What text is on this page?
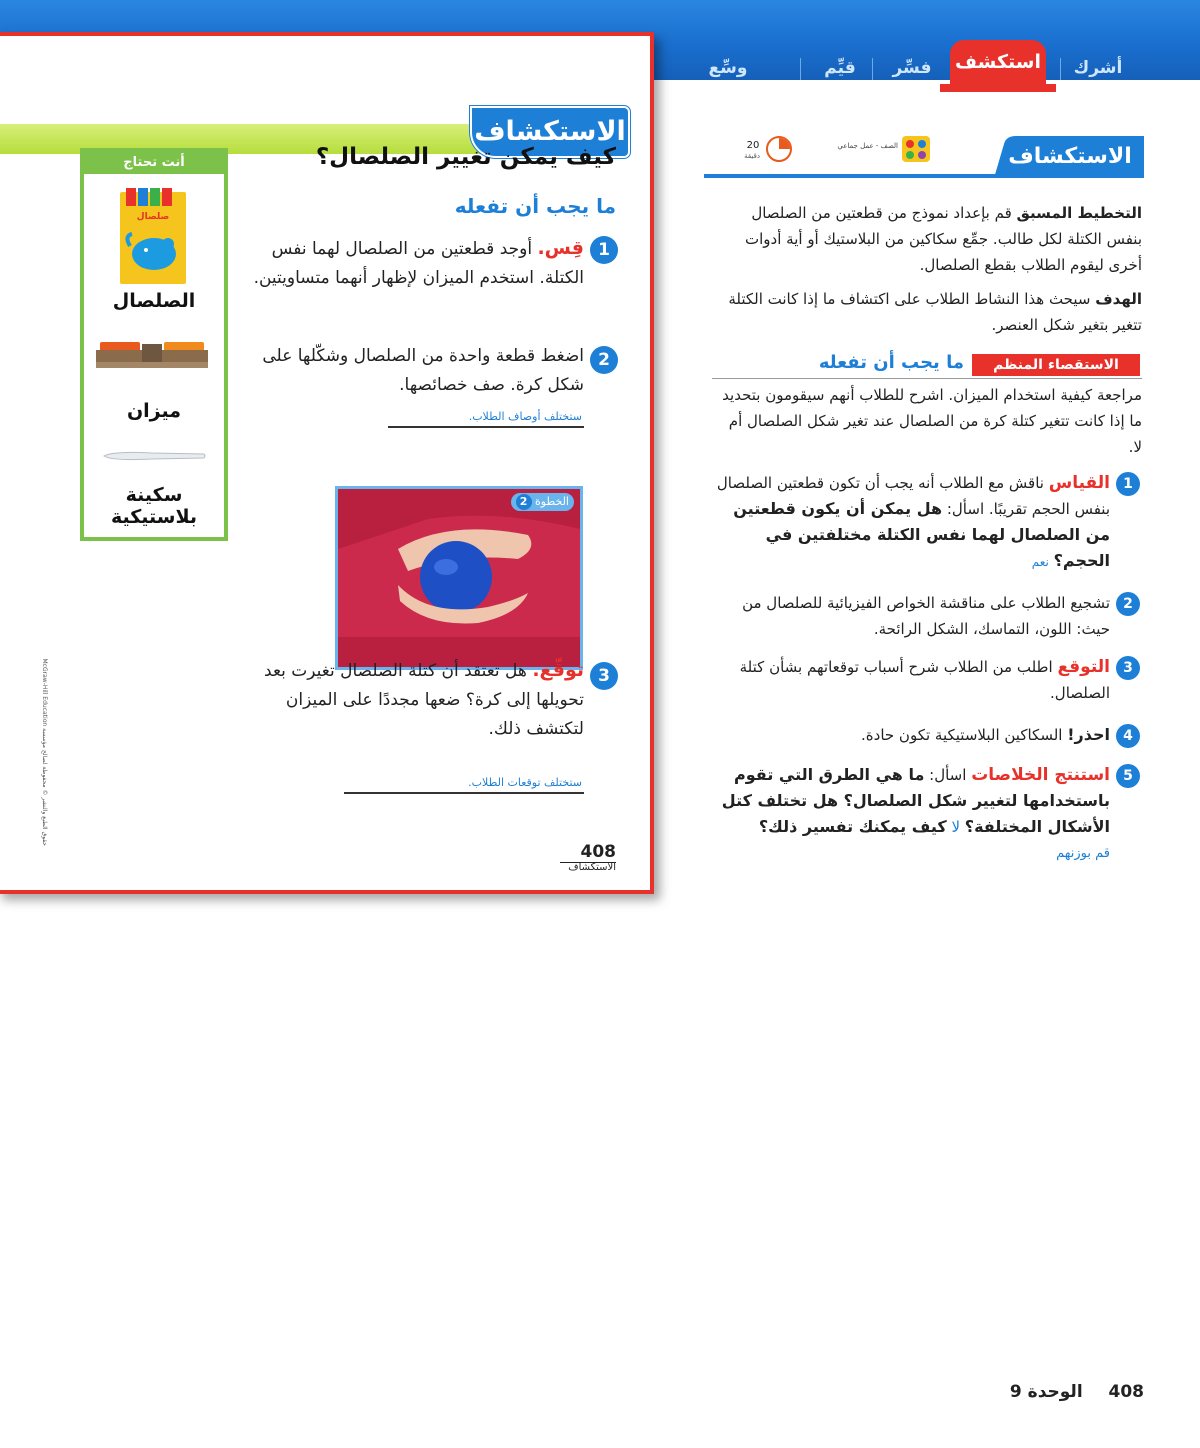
أشرك
استكشف
فسِّر
قيِّم
وسِّع
الاستكشاف
أنت تحتاج
صلصال
الصلصال
ميزان
سكينة بلاستيكية
كيف يمكن تغيير الصلصال؟
ما يجب أن تفعله
1
قِس. أوجد قطعتين من الصلصال لهما نفس الكتلة. استخدم الميزان لإظهار أنهما متساويتين.
2
اضغط قطعة واحدة من الصلصال وشكّلها على شكل كرة. صف خصائصها.
ستختلف أوصاف الطلاب.
الخطوة 2
3
توقّع. هل تعتقد أن كتلة الصلصال تغيرت بعد تحويلها إلى كرة؟ ضعها مجددًا على الميزان لتكتشف ذلك.
ستختلف توقعات الطلاب.
408
الاستكشاف
حقوق الطبع والنشر © محفوظة لصالح مؤسسة McGraw-Hill Education
الاستكشاف
الصف - عمل جماعي
20
دقيقة
التخطيط المسبق قم بإعداد نموذج من قطعتين من الصلصال بنفس الكتلة لكل طالب. جمِّع سكاكين من البلاستيك أو أية أدوات أخرى ليقوم الطلاب بقطع الصلصال.
الهدف سيحث هذا النشاط الطلاب على اكتشاف ما إذا كانت الكتلة تتغير بتغير شكل العنصر.
الاستقصاء المنظم
ما يجب أن تفعله
مراجعة كيفية استخدام الميزان. اشرح للطلاب أنهم سيقومون بتحديد ما إذا كانت تتغير كتلة كرة من الصلصال عند تغير شكل الصلصال أم لا.
1
القياس ناقش مع الطلاب أنه يجب أن تكون قطعتين الصلصال بنفس الحجم تقريبًا. اسأل: هل يمكن أن يكون قطعتين من الصلصال لهما نفس الكتلة مختلفتين في الحجم؟ نعم
2
تشجيع الطلاب على مناقشة الخواص الفيزيائية للصلصال من حيث: اللون، التماسك، الشكل الرائحة.
3
التوقع اطلب من الطلاب شرح أسباب توقعاتهم بشأن كتلة الصلصال.
4
احذر! السكاكين البلاستيكية تكون حادة.
5
استنتج الخلاصات اسأل: ما هي الطرق التي تقوم باستخدامها لتغيير شكل الصلصال؟ هل تختلف كتل الأشكال المختلفة؟ لا كيف يمكنك تفسير ذلك؟
قم بوزنهم
408  الوحدة 9
